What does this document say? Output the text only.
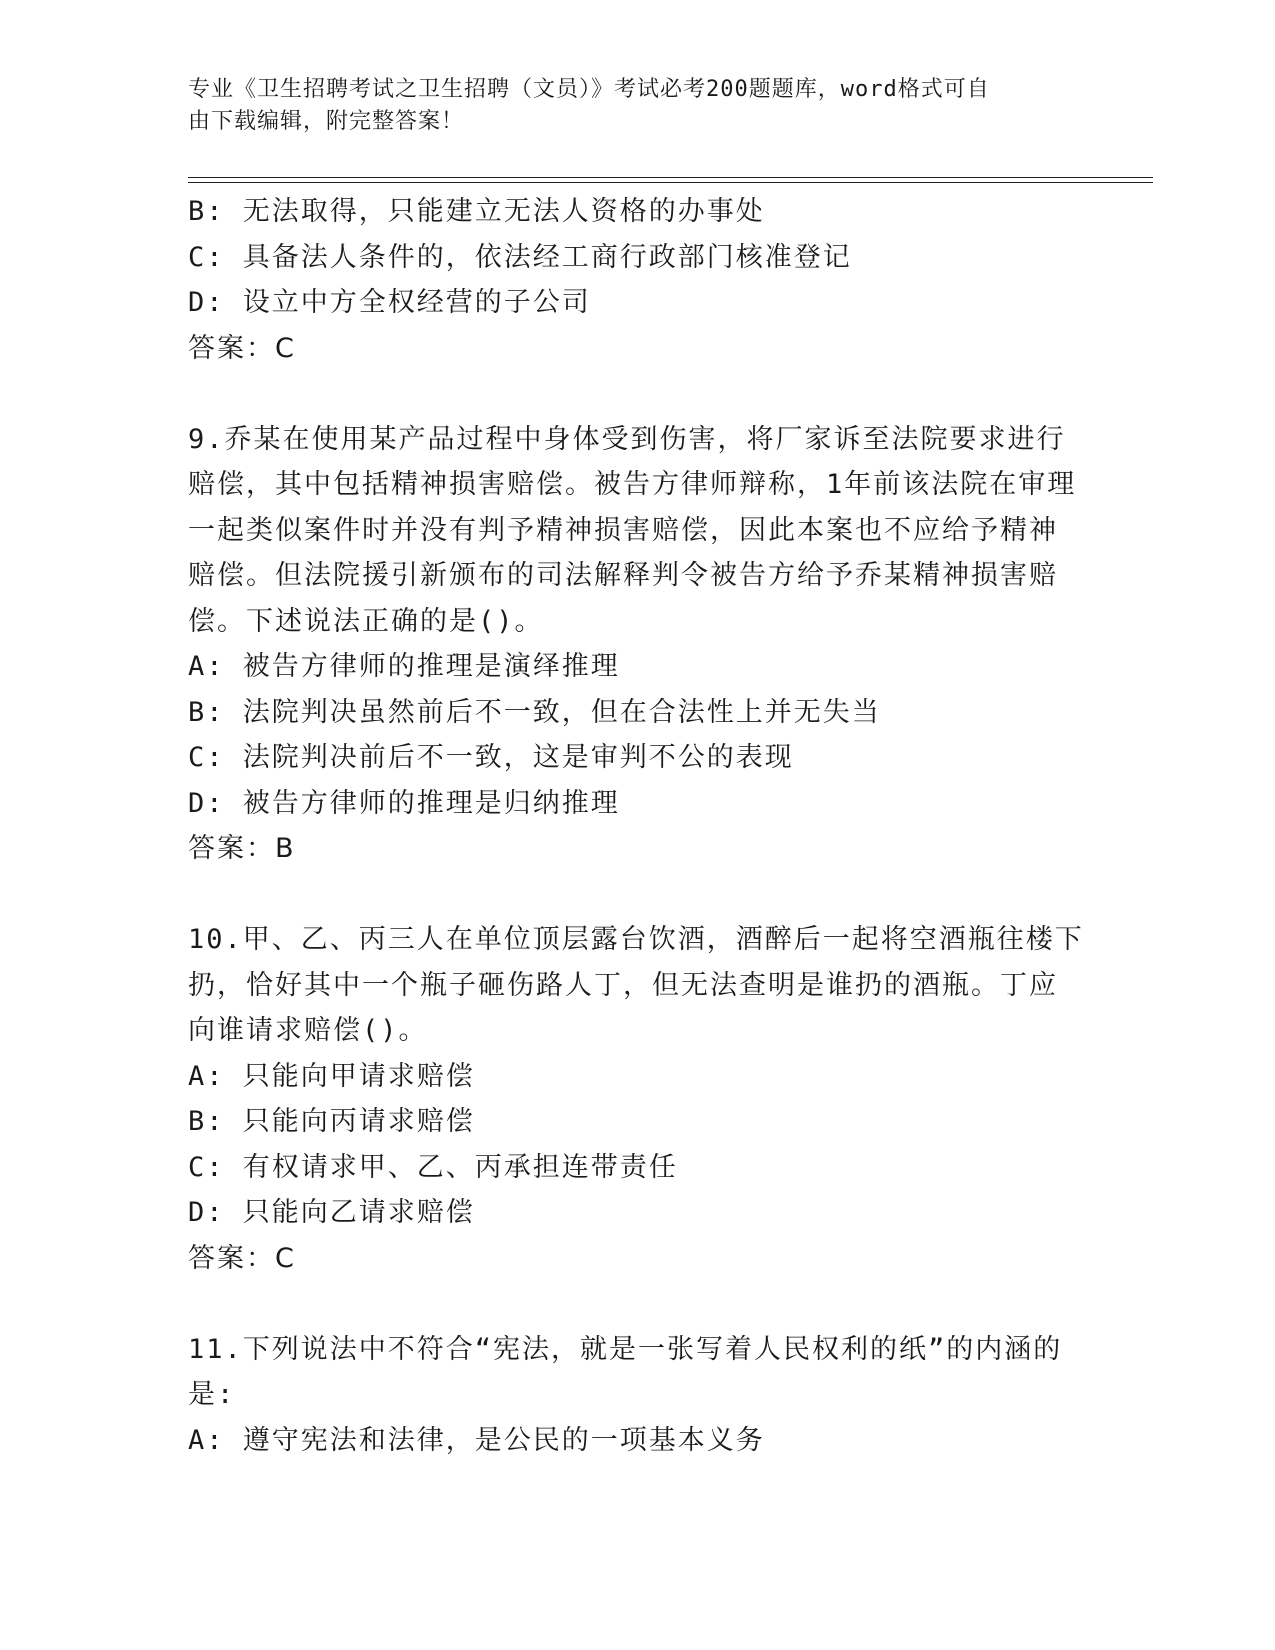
专业《卫生招聘考试之卫生招聘（文员）》考试必考200题题库，word格式可自
由下载编辑，附完整答案！
B: 无法取得，只能建立无法人资格的办事处
C: 具备法人条件的，依法经工商行政部门核准登记
D: 设立中方全权经营的子公司
答案：C
9.乔某在使用某产品过程中身体受到伤害，将厂家诉至法院要求进行
赔偿，其中包括精神损害赔偿。被告方律师辩称，1年前该法院在审理
一起类似案件时并没有判予精神损害赔偿，因此本案也不应给予精神
赔偿。但法院援引新颁布的司法解释判令被告方给予乔某精神损害赔
偿。下述说法正确的是()。
A: 被告方律师的推理是演绎推理
B: 法院判决虽然前后不一致，但在合法性上并无失当
C: 法院判决前后不一致，这是审判不公的表现
D: 被告方律师的推理是归纳推理
答案：B
10.甲、乙、丙三人在单位顶层露台饮酒，酒醉后一起将空酒瓶往楼下
扔，恰好其中一个瓶子砸伤路人丁，但无法查明是谁扔的酒瓶。丁应
向谁请求赔偿()。
A: 只能向甲请求赔偿
B: 只能向丙请求赔偿
C: 有权请求甲、乙、丙承担连带责任
D: 只能向乙请求赔偿
答案：C
11.下列说法中不符合“宪法，就是一张写着人民权利的纸”的内涵的
是:
A: 遵守宪法和法律，是公民的一项基本义务
